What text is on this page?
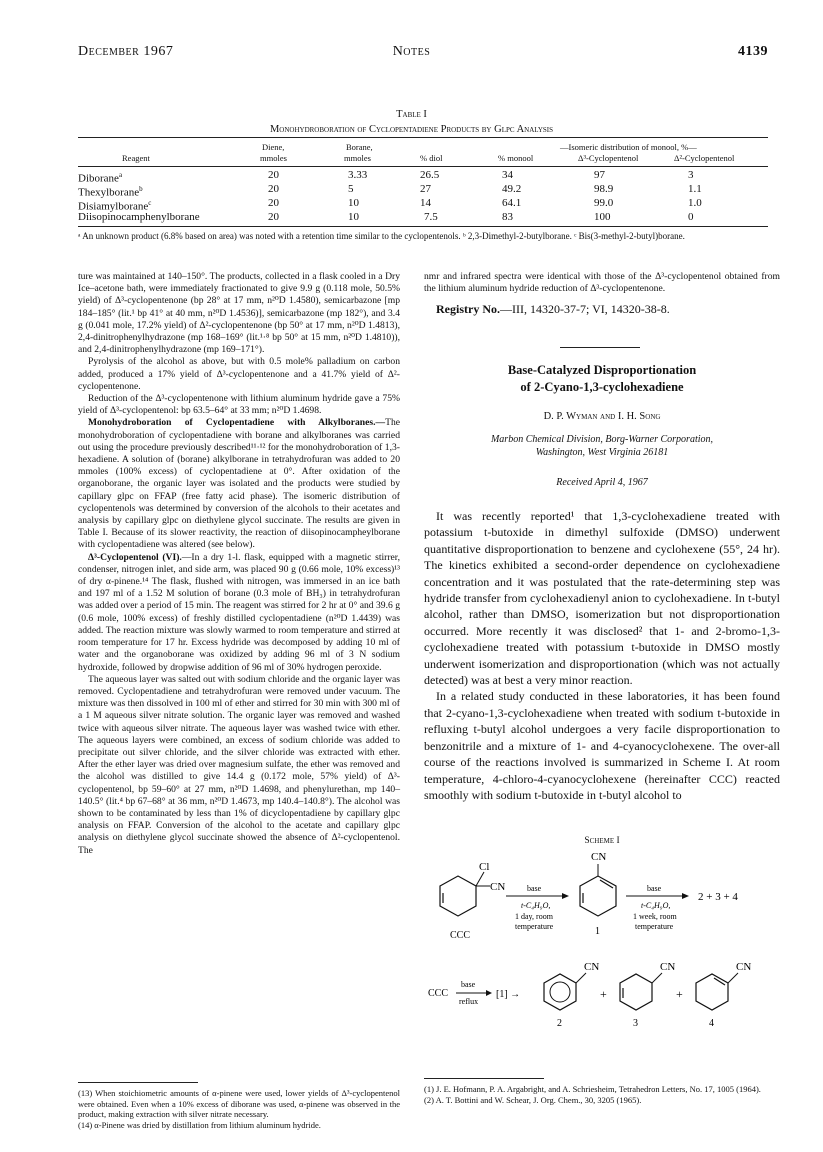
December 1967	Notes	4139
Table I
Monohydroboration of Cyclopentadiene Products by Glpc Analysis
Diene,	Borane,	—Isomeric distribution of monool, %—
Reagent	mmoles	mmoles	% diol	% monool	Δ³-Cyclopentenol	Δ²-Cyclopentenol
Diborane$^a$	20	3.33	26.5	34	97	3
Thexylborane$^b$	20	5	27	49.2	98.9	1.1
Disiamylborane$^c$	20	10	14	64.1	99.0	1.0
Diisopinocamphenylborane	20	10	7.5	83	100	0
ᵃ An unknown product (6.8% based on area) was noted with a retention time similar to the cyclopentenols. ᵇ 2,3-Dimethyl-2-butylborane. ᶜ Bis(3-methyl-2-butyl)borane.

ture was maintained at 140–150°. The products, collected in a flask cooled in a Dry Ice–acetone bath, were immediately fractionated to give 9.9 g (0.118 mole, 50.5% yield) of Δ³-cyclopentenone (bp 28° at 17 mm, n²⁰D 1.4580), semicarbazone [mp 184–185° (lit.¹ bp 41° at 40 mm, n²⁰D 1.4536)], semicarbazone (mp 182°), and 3.4 g (0.041 mole, 17.2% yield) of Δ²-cyclopentenone (bp 50° at 17 mm, n²⁰D 1.4813), 2,4-dinitrophenylhydrazone (mp 168–169° (lit.¹·⁸ bp 50° at 15 mm, n²⁰D 1.4810)), and 2,4-dinitrophenylhydrazone (mp 169–171°).

Pyrolysis of the alcohol as above, but with 0.5 mole% palladium on carbon added, produced a 17% yield of Δ³-cyclopentenone and a 41.7% yield of Δ²-cyclopentenone.

Reduction of the Δ³-cyclopentenone with lithium aluminum hydride gave a 75% yield of Δ³-cyclopentenol: bp 63.5–64° at 33 mm; n²⁰D 1.4698.

Monohydroboration of Cyclopentadiene with Alkylboranes.—The monohydroboration of cyclopentadiene with borane and alkylboranes was carried out using the procedure previously described¹¹·¹² for the monohydroboration of 1,3-hexadiene. A solution of (borane) alkylborane in tetrahydrofuran was added to 20 mmoles (100% excess) of cyclopentadiene at 0°. After oxidation of the organoborane, the organic layer was isolated and the products were studied by capillary glpc on FFAP (free fatty acid phase). The isomeric distribution of cyclopentenols was determined by conversion of the alcohols to their acetates and analysis by capillary glpc on diethylene glycol succinate. The results are given in Table I. Because of its slower reactivity, the reaction of diisopinocampheylborane with cyclopentadiene was altered (see below).

Δ³-Cyclopentenol (VI).—In a dry 1-l. flask, equipped with a magnetic stirrer, condenser, nitrogen inlet, and side arm, was placed 90 g (0.66 mole, 10% excess)¹³ of dry α-pinene.¹⁴ The flask, flushed with nitrogen, was immersed in an ice bath and 197 ml of a 1.52 M solution of borane (0.3 mole of BH₃) in tetrahydrofuran was added over a period of 15 min. The reagent was stirred for 2 hr at 0° and 39.6 g (0.6 mole, 100% excess) of freshly distilled cyclopentadiene (n²⁰D 1.4439) was added. The reaction mixture was slowly warmed to room temperature and stirred at room temperature for 17 hr. Excess hydride was decomposed by adding 10 ml of water and the organoborane was oxidized by adding 96 ml of 3 N sodium hydroxide, followed by dropwise addition of 96 ml of 30% hydrogen peroxide.

The aqueous layer was salted out with sodium chloride and the organic layer was removed. Cyclopentadiene and tetrahydrofuran were removed under vacuum. The mixture was then dissolved in 100 ml of ether and stirred for 30 min with 300 ml of a 1 M aqueous silver nitrate solution. The organic layer was removed and washed twice with aqueous silver nitrate. The aqueous layer was washed twice with ether. The aqueous layers were combined, an excess of sodium chloride was added to precipitate out silver chloride, and the silver chloride was extracted with ether. After the ether layer was dried over magnesium sulfate, the ether was removed and the alcohol was distilled to give 14.4 g (0.172 mole, 57% yield) of Δ³-cyclopentenol, bp 59–60° at 27 mm, n²⁰D 1.4698, and phenylurethan, mp 140–140.5° (lit.⁴ bp 67–68° at 36 mm, n²⁰D 1.4673, mp 140.4–140.8°). The alcohol was shown to be contaminated by less than 1% of dicyclopentadiene by capillary glpc analysis on FFAP. Conversion of the alcohol to the acetate and capillary glpc analysis on diethylene glycol succinate showed the absence of Δ²-cyclopentenol. The

(13) When stoichiometric amounts of α-pinene were used, lower yields of Δ³-cyclopentenol were obtained. Even when a 10% excess of diborane was used, α-pinene was observed in the product, making extraction with silver nitrate necessary.

(14) α-Pinene was dried by distillation from lithium aluminum hydride.

nmr and infrared spectra were identical with those of the Δ³-cyclopentenol obtained from the lithium aluminum hydride reduction of Δ³-cyclopentenone.

Registry No.—III, 14320-37-7; VI, 14320-38-8.

Base-Catalyzed Disproportionation
of 2-Cyano-1,3-cyclohexadiene
D. P. Wyman and I. H. Song
Marbon Chemical Division, Borg-Warner Corporation,
Washington, West Virginia 26181
Received April 4, 1967

It was recently reported¹ that 1,3-cyclohexadiene treated with potassium t-butoxide in dimethyl sulfoxide (DMSO) underwent quantitative disproportionation to benzene and cyclohexene (55°, 24 hr). The kinetics exhibited a second-order dependence on cyclohexadiene concentration and it was postulated that the rate-determining step was hydride transfer from cyclohexadienyl anion to cyclohexadiene. In t-butyl alcohol, rather than DMSO, isomerization but not disproportionation occurred. More recently it was disclosed² that 1- and 2-bromo-1,3-cyclohexadiene treated with potassium t-butoxide in DMSO mostly underwent isomerization and disproportionation (which was not actually detected) was at best a very minor reaction.

In a related study conducted in these laboratories, it has been found that 2-cyano-1,3-cyclohexadiene when treated with sodium t-butoxide in refluxing t-butyl alcohol undergoes a very facile disproportionation to benzonitrile and a mixture of 1- and 4-cyanocyclohexene. The over-all course of the reactions involved is summarized in Scheme I. At room temperature, 4-chloro-4-cyanocyclohexene (hereinafter CCC) reacted smoothly with sodium t-butoxide in t-butyl alcohol to

Scheme I
Cl
CN
CCC
base
t-C₄H₉O,
1 day, room
temperature
CN
1
base
t-C₄H₉O,
1 week, room
temperature
2 + 3 + 4
CCC
base
reflux
[1] →
CN
2
+
CN
3
+
CN
4

(1) J. E. Hofmann, P. A. Argabright, and A. Schriesheim, Tetrahedron Letters, No. 17, 1005 (1964).

(2) A. T. Bottini and W. Schear, J. Org. Chem., 30, 3205 (1965).
